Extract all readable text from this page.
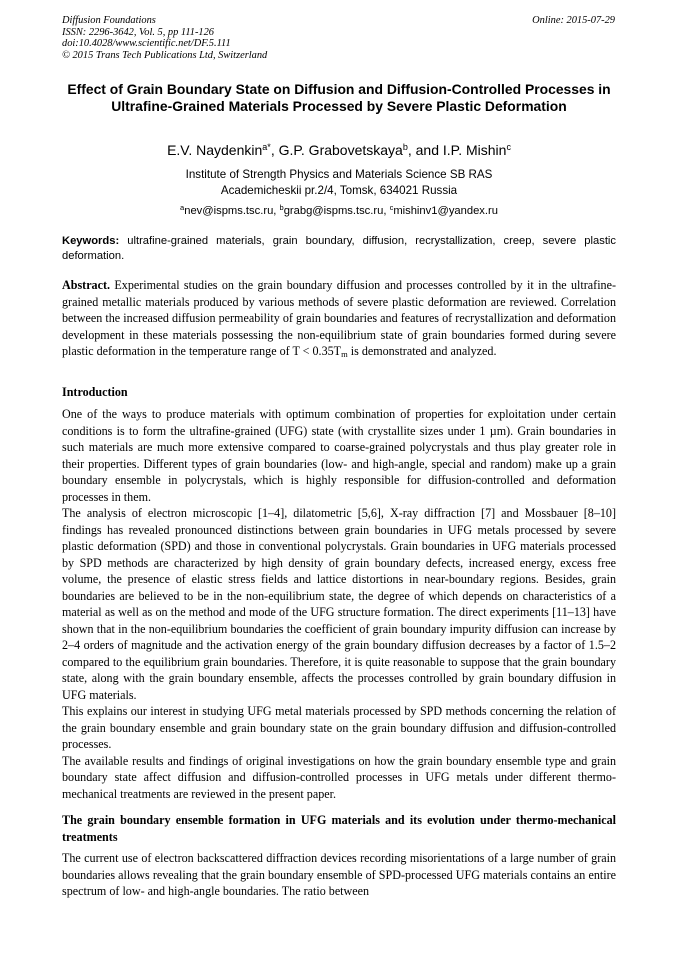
Diffusion Foundations
ISSN: 2296-3642, Vol. 5, pp 111-126
doi:10.4028/www.scientific.net/DF.5.111
© 2015 Trans Tech Publications Ltd, Switzerland
Online: 2015-07-29
Effect of Grain Boundary State on Diffusion and Diffusion-Controlled Processes in Ultrafine-Grained Materials Processed by Severe Plastic Deformation
E.V. Naydenkin$^{a*}$, G.P. Grabovetskaya$^b$, and I.P. Mishin$^c$
Institute of Strength Physics and Materials Science SB RAS
Academicheskii pr.2/4, Tomsk, 634021 Russia
$^a$nev@ispms.tsc.ru, $^b$grabg@ispms.tsc.ru, $^c$mishinv1@yandex.ru
Keywords: ultrafine-grained materials, grain boundary, diffusion, recrystallization, creep, severe plastic deformation.

Abstract. Experimental studies on the grain boundary diffusion and processes controlled by it in the ultrafine-grained metallic materials produced by various methods of severe plastic deformation are reviewed. Correlation between the increased diffusion permeability of grain boundaries and features of recrystallization and deformation development in these materials possessing the non-equilibrium state of grain boundaries formed during severe plastic deformation in the temperature range of $T < 0.35T_m$ is demonstrated and analyzed.

Introduction

One of the ways to produce materials with optimum combination of properties for exploitation under certain conditions is to form the ultrafine-grained (UFG) state (with crystallite sizes under 1 µm). Grain boundaries in such materials are much more extensive compared to coarse-grained polycrystals and thus play greater role in their properties. Different types of grain boundaries (low- and high-angle, special and random) make up a grain boundary ensemble in polycrystals, which is highly responsible for diffusion-controlled and deformation processes in them.

The analysis of electron microscopic [1–4], dilatometric [5,6], X-ray diffraction [7] and Mossbauer [8–10] findings has revealed pronounced distinctions between grain boundaries in UFG metals processed by severe plastic deformation (SPD) and those in conventional polycrystals. Grain boundaries in UFG materials processed by SPD methods are characterized by high density of grain boundary defects, increased energy, excess free volume, the presence of elastic stress fields and lattice distortions in near-boundary regions. Besides, grain boundaries are believed to be in the non-equilibrium state, the degree of which depends on characteristics of a material as well as on the method and mode of the UFG structure formation. The direct experiments [11–13] have shown that in the non-equilibrium boundaries the coefficient of grain boundary impurity diffusion can increase by 2–4 orders of magnitude and the activation energy of the grain boundary diffusion decreases by a factor of 1.5–2 compared to the equilibrium grain boundaries. Therefore, it is quite reasonable to suppose that the grain boundary state, along with the grain boundary ensemble, affects the processes controlled by grain boundary diffusion in UFG materials.

This explains our interest in studying UFG metal materials processed by SPD methods concerning the relation of the grain boundary ensemble and grain boundary state on the grain boundary diffusion and diffusion-controlled processes.

The available results and findings of original investigations on how the grain boundary ensemble type and grain boundary state affect diffusion and diffusion-controlled processes in UFG metals under different thermo-mechanical treatments are reviewed in the present paper.

The grain boundary ensemble formation in UFG materials and its evolution under thermo-mechanical treatments

The current use of electron backscattered diffraction devices recording misorientations of a large number of grain boundaries allows revealing that the grain boundary ensemble of SPD-processed UFG materials contains an entire spectrum of low- and high-angle boundaries. The ratio between
